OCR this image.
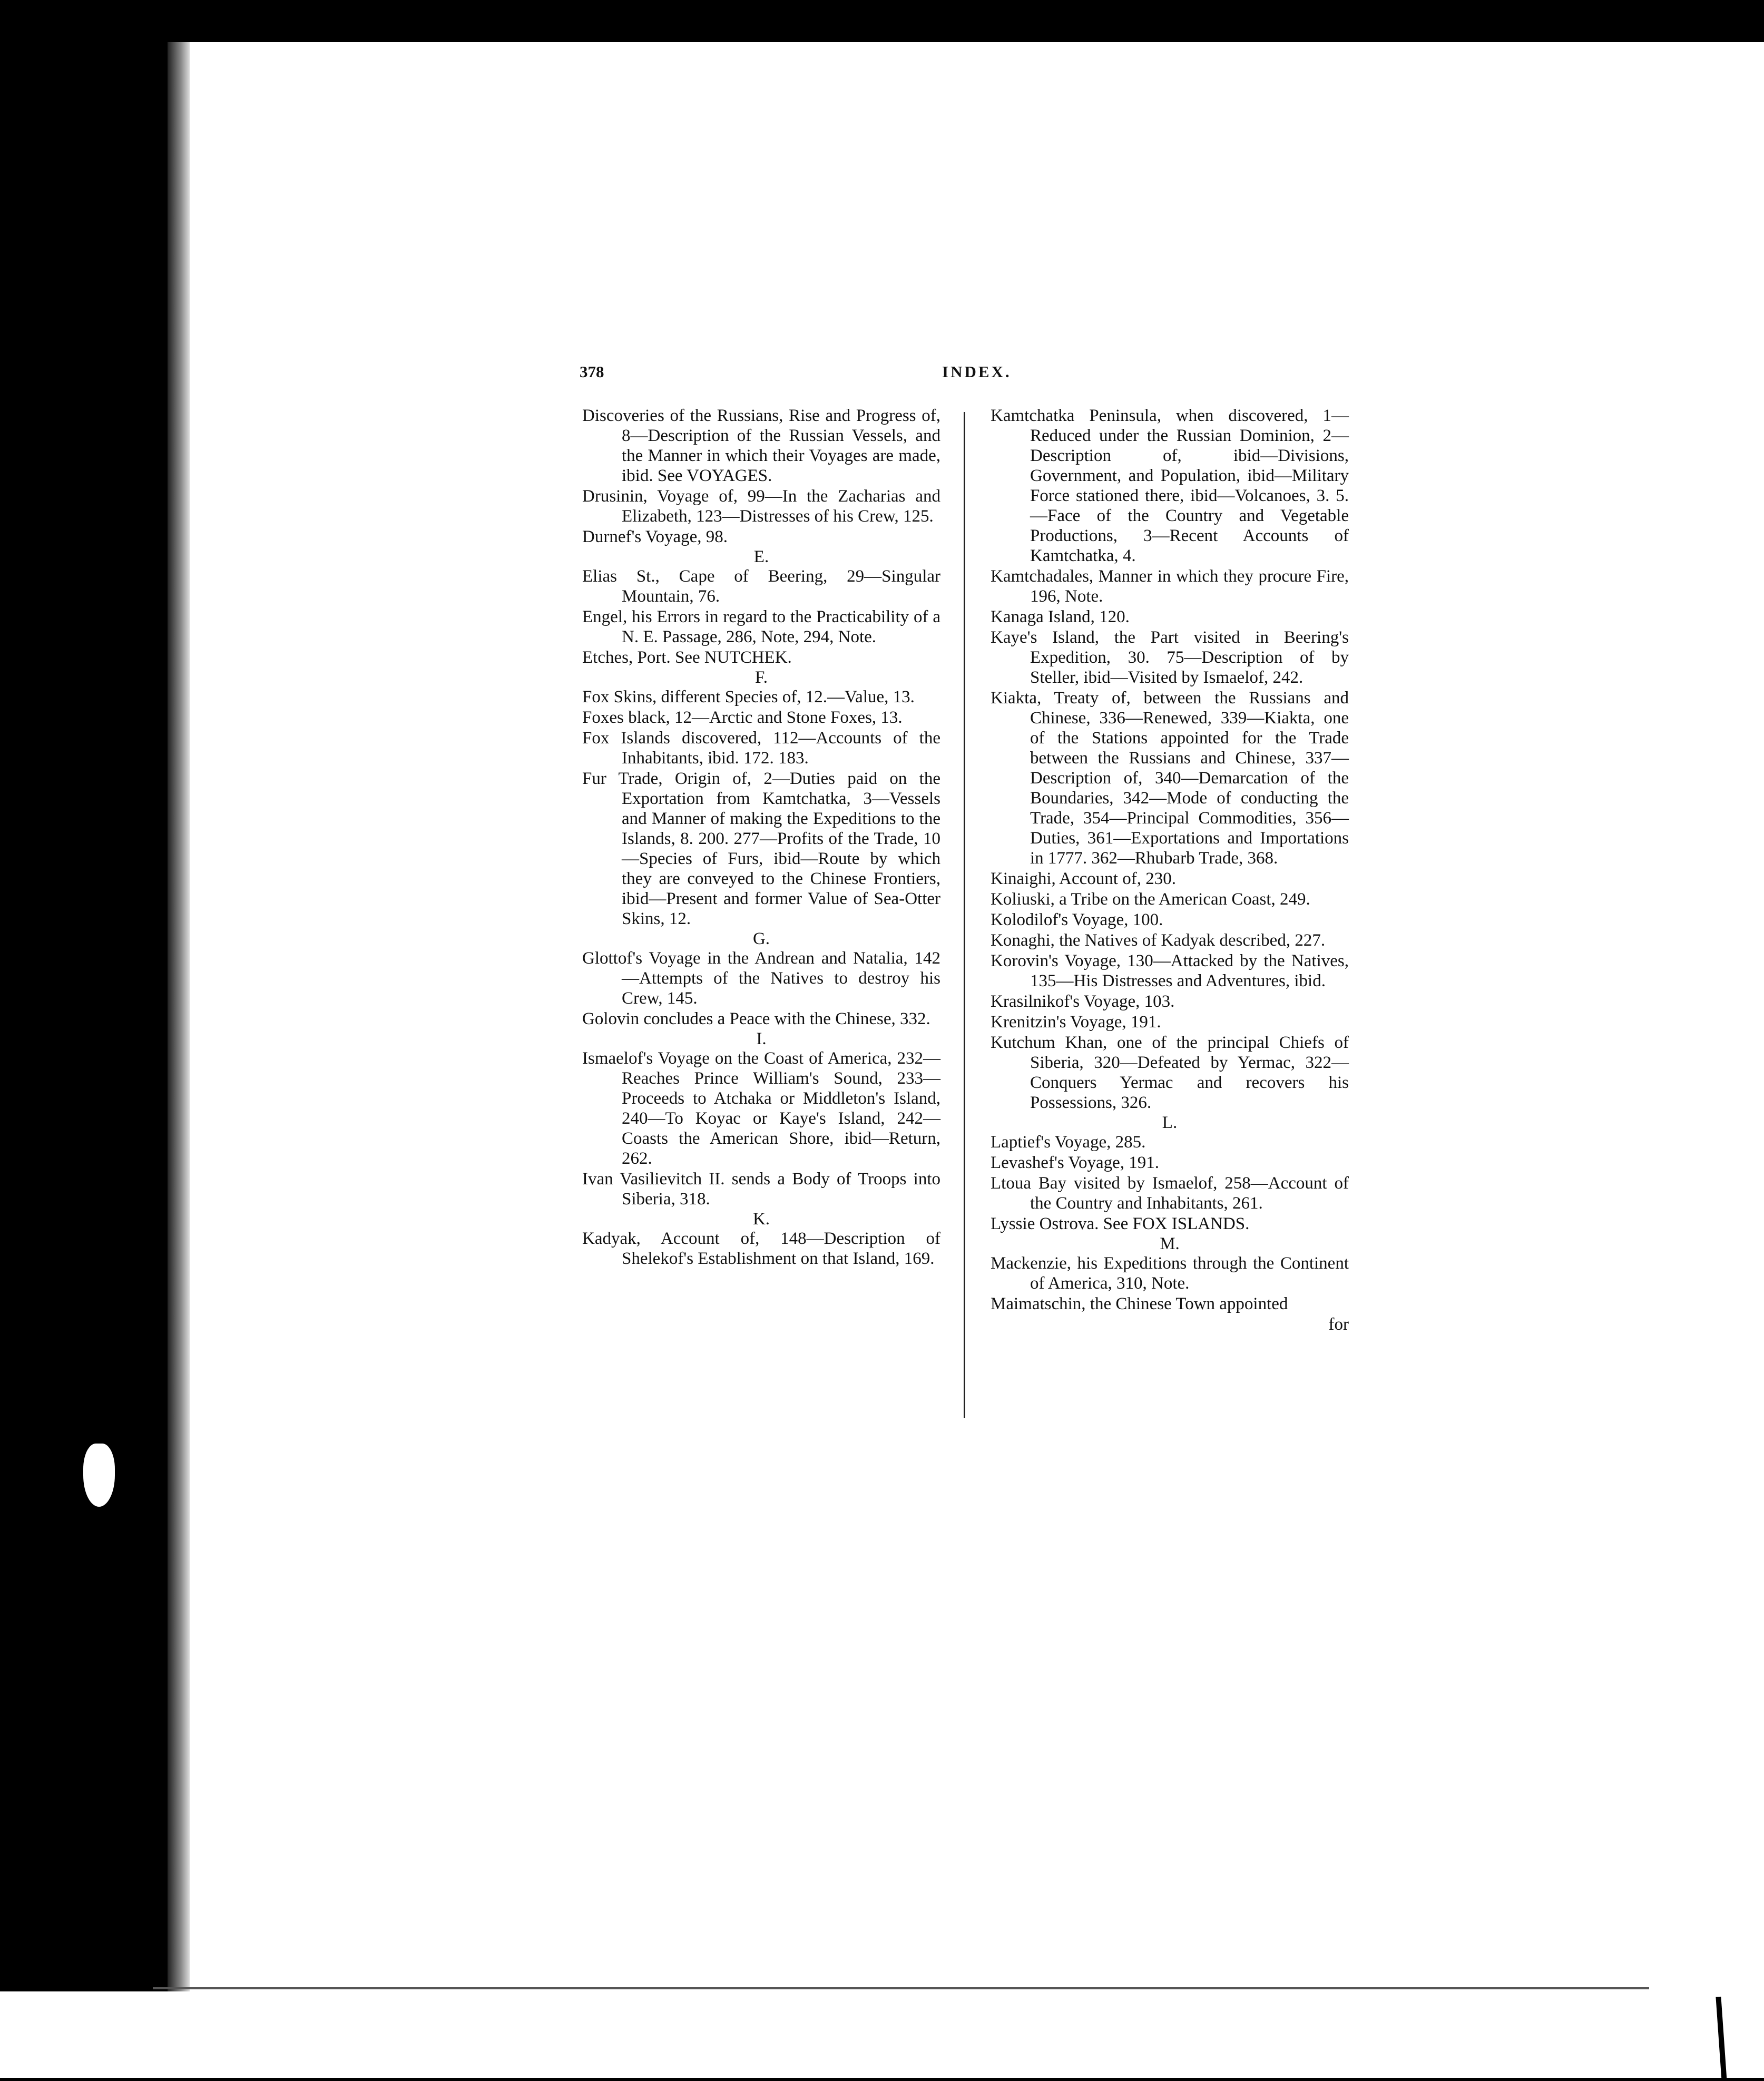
378	INDEX.

Discoveries of the Russians, Rise and Progress of, 8—Description of the Russian Vessels, and the Manner in which their Voyages are made, ibid. See VOYAGES.

Drusinin, Voyage of, 99—In the Zacharias and Elizabeth, 123—Distresses of his Crew, 125.

Durnef's Voyage, 98.

E.

Elias St., Cape of Beering, 29—Singular Mountain, 76.

Engel, his Errors in regard to the Practicability of a N. E. Passage, 286, Note, 294, Note.

Etches, Port. See NUTCHEK.

F.

Fox Skins, different Species of, 12.—Value, 13.

Foxes black, 12—Arctic and Stone Foxes, 13.

Fox Islands discovered, 112—Accounts of the Inhabitants, ibid. 172. 183.

Fur Trade, Origin of, 2—Duties paid on the Exportation from Kamtchatka, 3—Vessels and Manner of making the Expeditions to the Islands, 8. 200. 277—Profits of the Trade, 10—Species of Furs, ibid—Route by which they are conveyed to the Chinese Frontiers, ibid—Present and former Value of Sea-Otter Skins, 12.

G.

Glottof's Voyage in the Andrean and Natalia, 142—Attempts of the Natives to destroy his Crew, 145.

Golovin concludes a Peace with the Chinese, 332.

I.

Ismaelof's Voyage on the Coast of America, 232—Reaches Prince William's Sound, 233—Proceeds to Atchaka or Middleton's Island, 240—To Koyac or Kaye's Island, 242—Coasts the American Shore, ibid—Return, 262.

Ivan Vasilievitch II. sends a Body of Troops into Siberia, 318.

K.

Kadyak, Account of, 148—Description of Shelekof's Establishment on that Island, 169.

Kamtchatka Peninsula, when discovered, 1—Reduced under the Russian Dominion, 2—Description of, ibid—Divisions, Government, and Population, ibid—Military Force stationed there, ibid—Volcanoes, 3. 5.—Face of the Country and Vegetable Productions, 3—Recent Accounts of Kamtchatka, 4.

Kamtchadales, Manner in which they procure Fire, 196, Note.

Kanaga Island, 120.

Kaye's Island, the Part visited in Beering's Expedition, 30. 75—Description of by Steller, ibid—Visited by Ismaelof, 242.

Kiakta, Treaty of, between the Russians and Chinese, 336—Renewed, 339—Kiakta, one of the Stations appointed for the Trade between the Russians and Chinese, 337—Description of, 340—Demarcation of the Boundaries, 342—Mode of conducting the Trade, 354—Principal Commodities, 356—Duties, 361—Exportations and Importations in 1777. 362—Rhubarb Trade, 368.

Kinaighi, Account of, 230.

Koliuski, a Tribe on the American Coast, 249.

Kolodilof's Voyage, 100.

Konaghi, the Natives of Kadyak described, 227.

Korovin's Voyage, 130—Attacked by the Natives, 135—His Distresses and Adventures, ibid.

Krasilnikof's Voyage, 103.

Krenitzin's Voyage, 191.

Kutchum Khan, one of the principal Chiefs of Siberia, 320—Defeated by Yermac, 322—Conquers Yermac and recovers his Possessions, 326.

L.

Laptief's Voyage, 285.

Levashef's Voyage, 191.

Ltoua Bay visited by Ismaelof, 258—Account of the Country and Inhabitants, 261.

Lyssie Ostrova. See FOX ISLANDS.

M.

Mackenzie, his Expeditions through the Continent of America, 310, Note.

Maimatschin, the Chinese Town appointed

for
